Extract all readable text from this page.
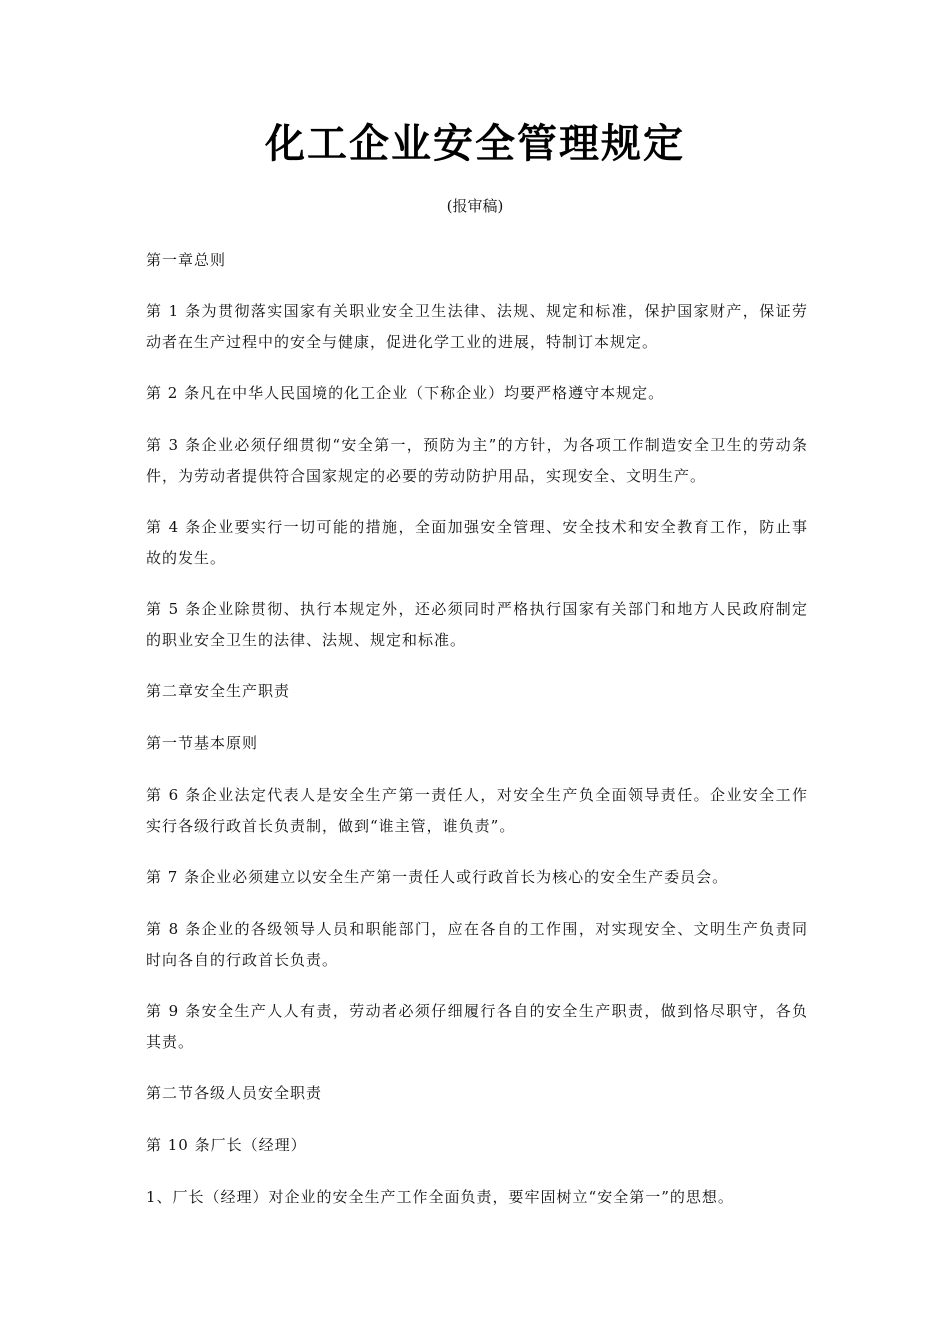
化工企业安全管理规定
(报审稿)

第一章总则

第 1 条为贯彻落实国家有关职业安全卫生法律、法规、规定和标准，保护国家财产，保证劳动者在生产过程中的安全与健康，促进化学工业的进展，特制订本规定。

第 2 条凡在中华人民国境的化工企业（下称企业）均要严格遵守本规定。

第 3 条企业必须仔细贯彻“安全第一，预防为主”的方针，为各项工作制造安全卫生的劳动条件，为劳动者提供符合国家规定的必要的劳动防护用品，实现安全、文明生产。

第 4 条企业要实行一切可能的措施，全面加强安全管理、安全技术和安全教育工作，防止事故的发生。

第 5 条企业除贯彻、执行本规定外，还必须同时严格执行国家有关部门和地方人民政府制定的职业安全卫生的法律、法规、规定和标准。

第二章安全生产职责

第一节基本原则

第 6 条企业法定代表人是安全生产第一责任人，对安全生产负全面领导责任。企业安全工作实行各级行政首长负责制，做到“谁主管，谁负责”。

第 7 条企业必须建立以安全生产第一责任人或行政首长为核心的安全生产委员会。

第 8 条企业的各级领导人员和职能部门，应在各自的工作围，对实现安全、文明生产负责同时向各自的行政首长负责。

第 9 条安全生产人人有责，劳动者必须仔细履行各自的安全生产职责，做到恪尽职守，各负其责。

第二节各级人员安全职责

第 10 条厂长（经理）

1、厂长（经理）对企业的安全生产工作全面负责，要牢固树立“安全第一”的思想。
